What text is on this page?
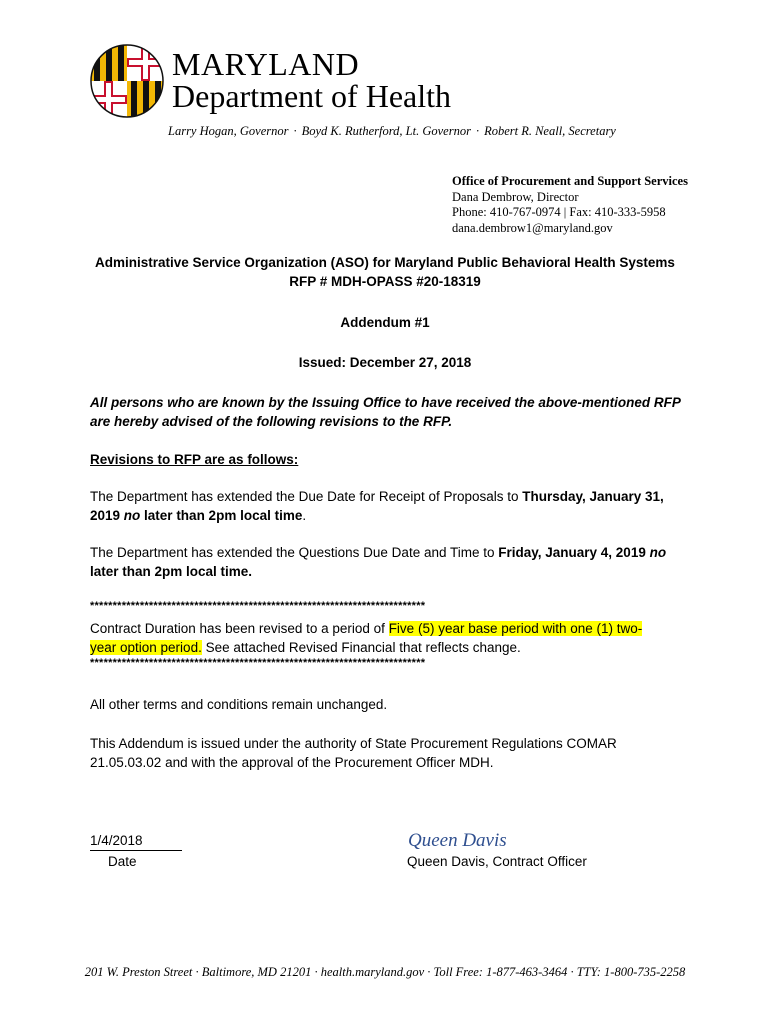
MARYLAND
Department of Health
Larry Hogan, Governor · Boyd K. Rutherford, Lt. Governor · Robert R. Neall, Secretary
Office of Procurement and Support Services
Dana Dembrow, Director
Phone: 410-767-0974 | Fax: 410-333-5958
dana.dembrow1@maryland.gov
Administrative Service Organization (ASO) for Maryland Public Behavioral Health Systems
RFP # MDH-OPASS #20-18319
Addendum #1
Issued: December 27, 2018
All persons who are known by the Issuing Office to have received the above-mentioned RFP
are hereby advised of the following revisions to the RFP.
Revisions to RFP are as follows:
The Department has extended the Due Date for Receipt of Proposals to Thursday, January 31,
2019 no later than 2pm local time.
The Department has extended the Questions Due Date and Time to Friday, January 4, 2019 no
later than 2pm local time.
**************************************************************************
Contract Duration has been revised to a period of Five (5) year base period with one (1) two-
year option period. See attached Revised Financial that reflects change.
**************************************************************************
All other terms and conditions remain unchanged.
This Addendum is issued under the authority of State Procurement Regulations COMAR
21.05.03.02 and with the approval of the Procurement Officer MDH.
1/4/2018
Date
Queen Davis
Queen Davis, Contract Officer
201 W. Preston Street · Baltimore, MD 21201 · health.maryland.gov · Toll Free: 1-877-463-3464 · TTY: 1-800-735-2258
